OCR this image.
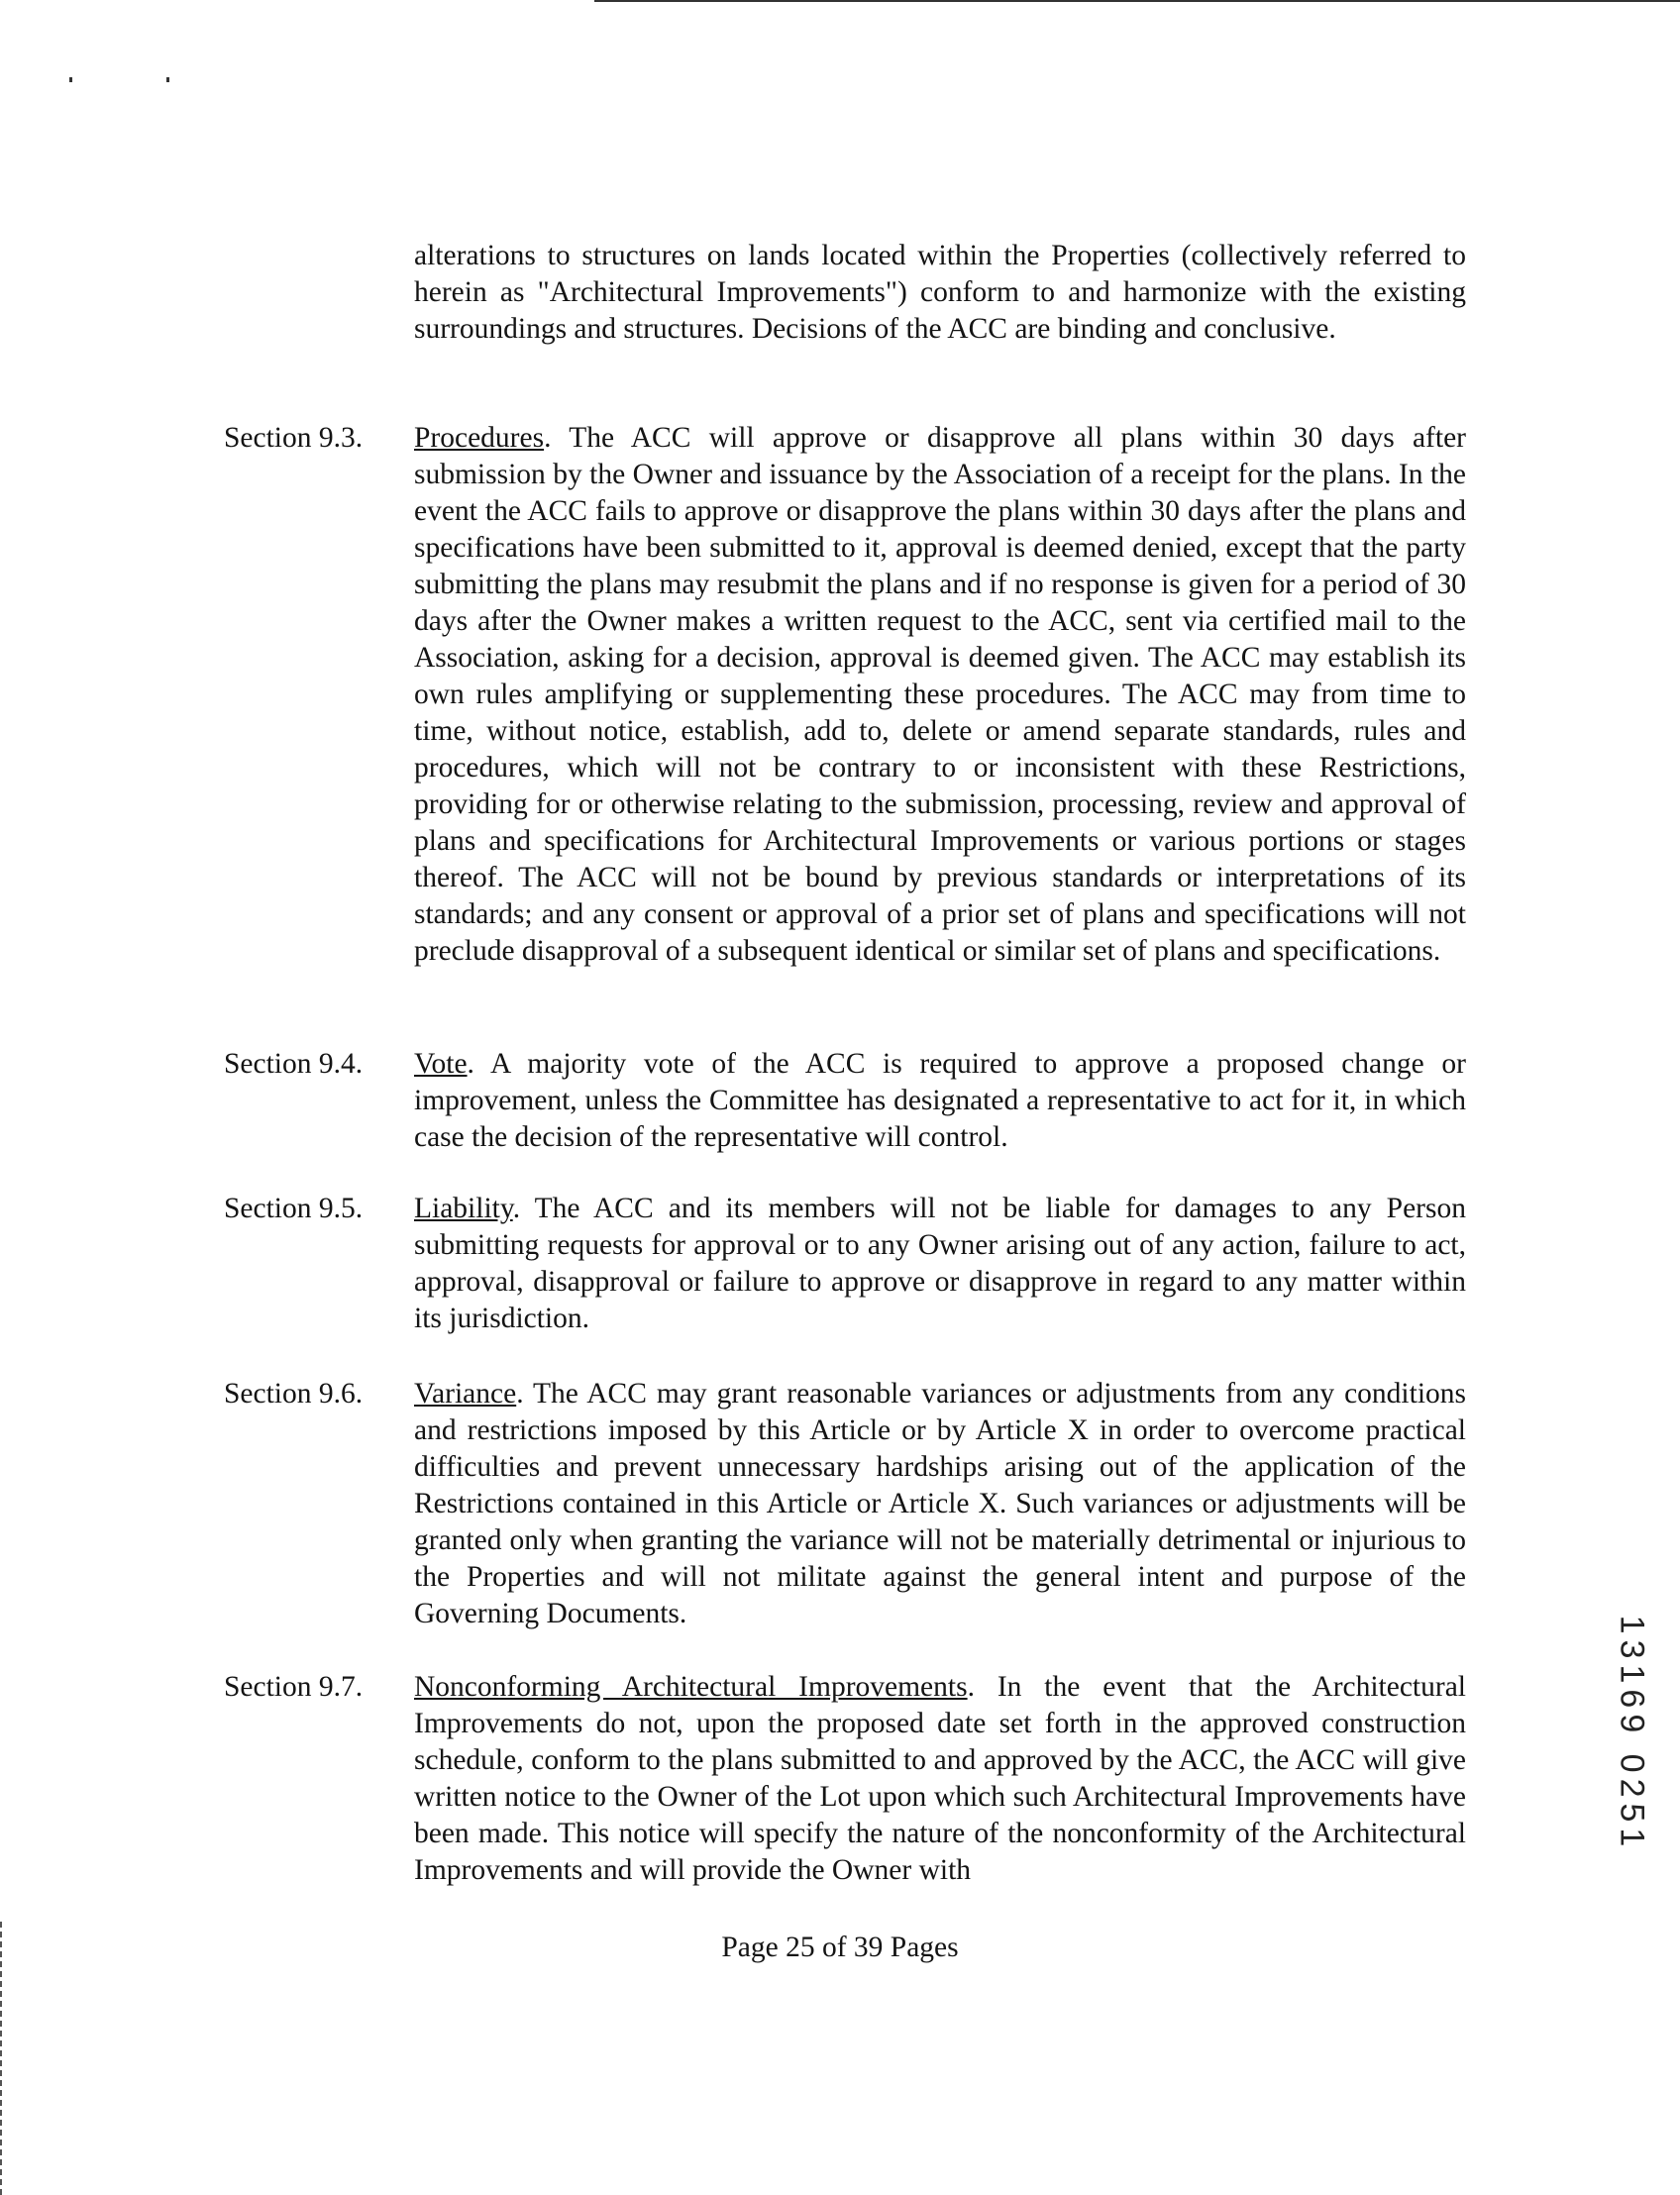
alterations to structures on lands located within the Properties (collectively referred to herein as "Architectural Improvements") conform to and harmonize with the existing surroundings and structures. Decisions of the ACC are binding and conclusive.
Section 9.3. Procedures. The ACC will approve or disapprove all plans within 30 days after submission by the Owner and issuance by the Association of a receipt for the plans. In the event the ACC fails to approve or disapprove the plans within 30 days after the plans and specifications have been submitted to it, approval is deemed denied, except that the party submitting the plans may resubmit the plans and if no response is given for a period of 30 days after the Owner makes a written request to the ACC, sent via certified mail to the Association, asking for a decision, approval is deemed given. The ACC may establish its own rules amplifying or supplementing these procedures. The ACC may from time to time, without notice, establish, add to, delete or amend separate standards, rules and procedures, which will not be contrary to or inconsistent with these Restrictions, providing for or otherwise relating to the submission, processing, review and approval of plans and specifications for Architectural Improvements or various portions or stages thereof. The ACC will not be bound by previous standards or interpretations of its standards; and any consent or approval of a prior set of plans and specifications will not preclude disapproval of a subsequent identical or similar set of plans and specifications.
Section 9.4. Vote. A majority vote of the ACC is required to approve a proposed change or improvement, unless the Committee has designated a representative to act for it, in which case the decision of the representative will control.
Section 9.5. Liability. The ACC and its members will not be liable for damages to any Person submitting requests for approval or to any Owner arising out of any action, failure to act, approval, disapproval or failure to approve or disapprove in regard to any matter within its jurisdiction.
Section 9.6. Variance. The ACC may grant reasonable variances or adjustments from any conditions and restrictions imposed by this Article or by Article X in order to overcome practical difficulties and prevent unnecessary hardships arising out of the application of the Restrictions contained in this Article or Article X. Such variances or adjustments will be granted only when granting the variance will not be materially detrimental or injurious to the Properties and will not militate against the general intent and purpose of the Governing Documents.
Section 9.7. Nonconforming Architectural Improvements. In the event that the Architectural Improvements do not, upon the proposed date set forth in the approved construction schedule, conform to the plans submitted to and approved by the ACC, the ACC will give written notice to the Owner of the Lot upon which such Architectural Improvements have been made. This notice will specify the nature of the nonconformity of the Architectural Improvements and will provide the Owner with
Page 25 of 39 Pages
13169 0251
